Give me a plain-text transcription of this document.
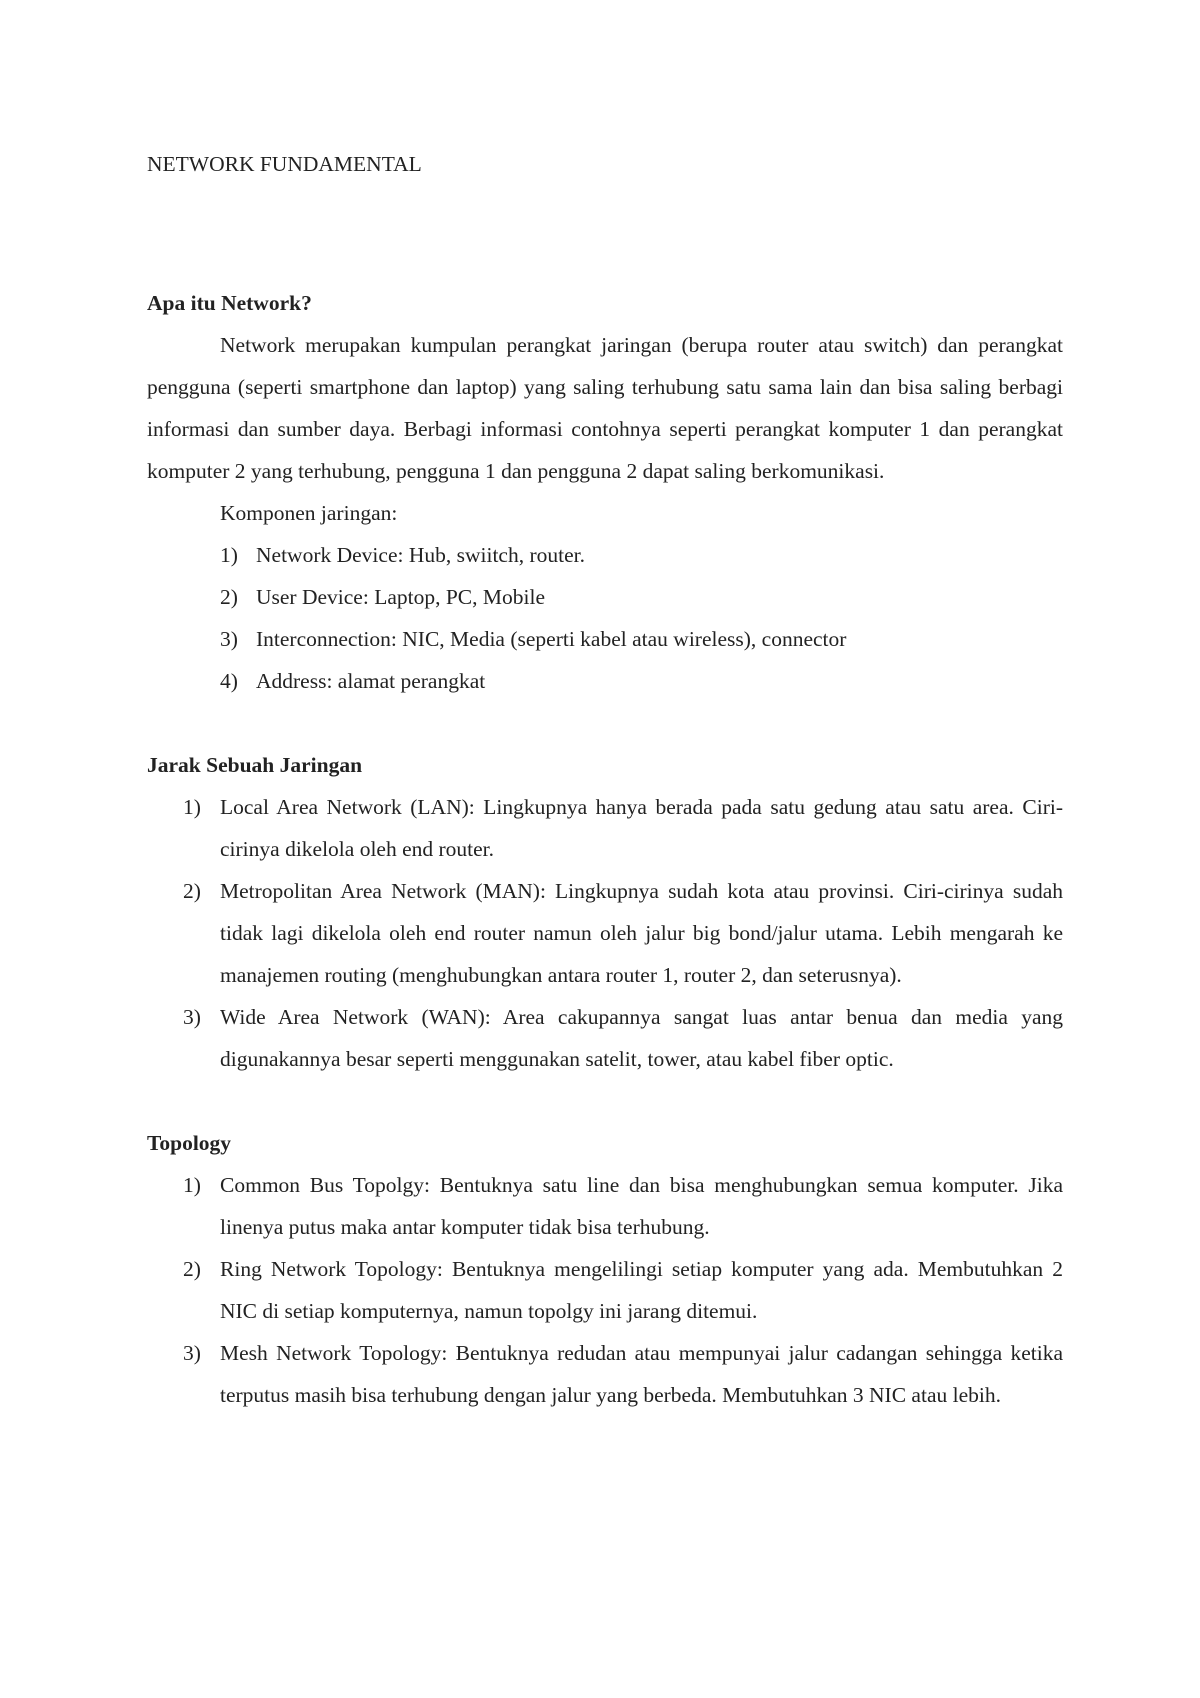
NETWORK FUNDAMENTAL
Apa itu Network?

Network merupakan kumpulan perangkat jaringan (berupa router atau switch) dan perangkat pengguna (seperti smartphone dan laptop) yang saling terhubung satu sama lain dan bisa saling berbagi informasi dan sumber daya. Berbagi informasi contohnya seperti perangkat komputer 1 dan perangkat komputer 2 yang terhubung, pengguna 1 dan pengguna 2 dapat saling berkomunikasi.

Komponen jaringan:

1) Network Device: Hub, swiitch, router.
2) User Device: Laptop, PC, Mobile
3) Interconnection: NIC, Media (seperti kabel atau wireless), connector
4) Address: alamat perangkat
Jarak Sebuah Jaringan
1) Local Area Network (LAN): Lingkupnya hanya berada pada satu gedung atau satu area. Ciri-cirinya dikelola oleh end router.
2) Metropolitan Area Network (MAN): Lingkupnya sudah kota atau provinsi. Ciri-cirinya sudah tidak lagi dikelola oleh end router namun oleh jalur big bond/jalur utama. Lebih mengarah ke manajemen routing (menghubungkan antara router 1, router 2, dan seterusnya).
3) Wide Area Network (WAN): Area cakupannya sangat luas antar benua dan media yang digunakannya besar seperti menggunakan satelit, tower, atau kabel fiber optic.
Topology
1) Common Bus Topolgy: Bentuknya satu line dan bisa menghubungkan semua komputer. Jika linenya putus maka antar komputer tidak bisa terhubung.
2) Ring Network Topology: Bentuknya mengelilingi setiap komputer yang ada. Membutuhkan 2 NIC di setiap komputernya, namun topolgy ini jarang ditemui.
3) Mesh Network Topology: Bentuknya redudan atau mempunyai jalur cadangan sehingga ketika terputus masih bisa terhubung dengan jalur yang berbeda. Membutuhkan 3 NIC atau lebih.
